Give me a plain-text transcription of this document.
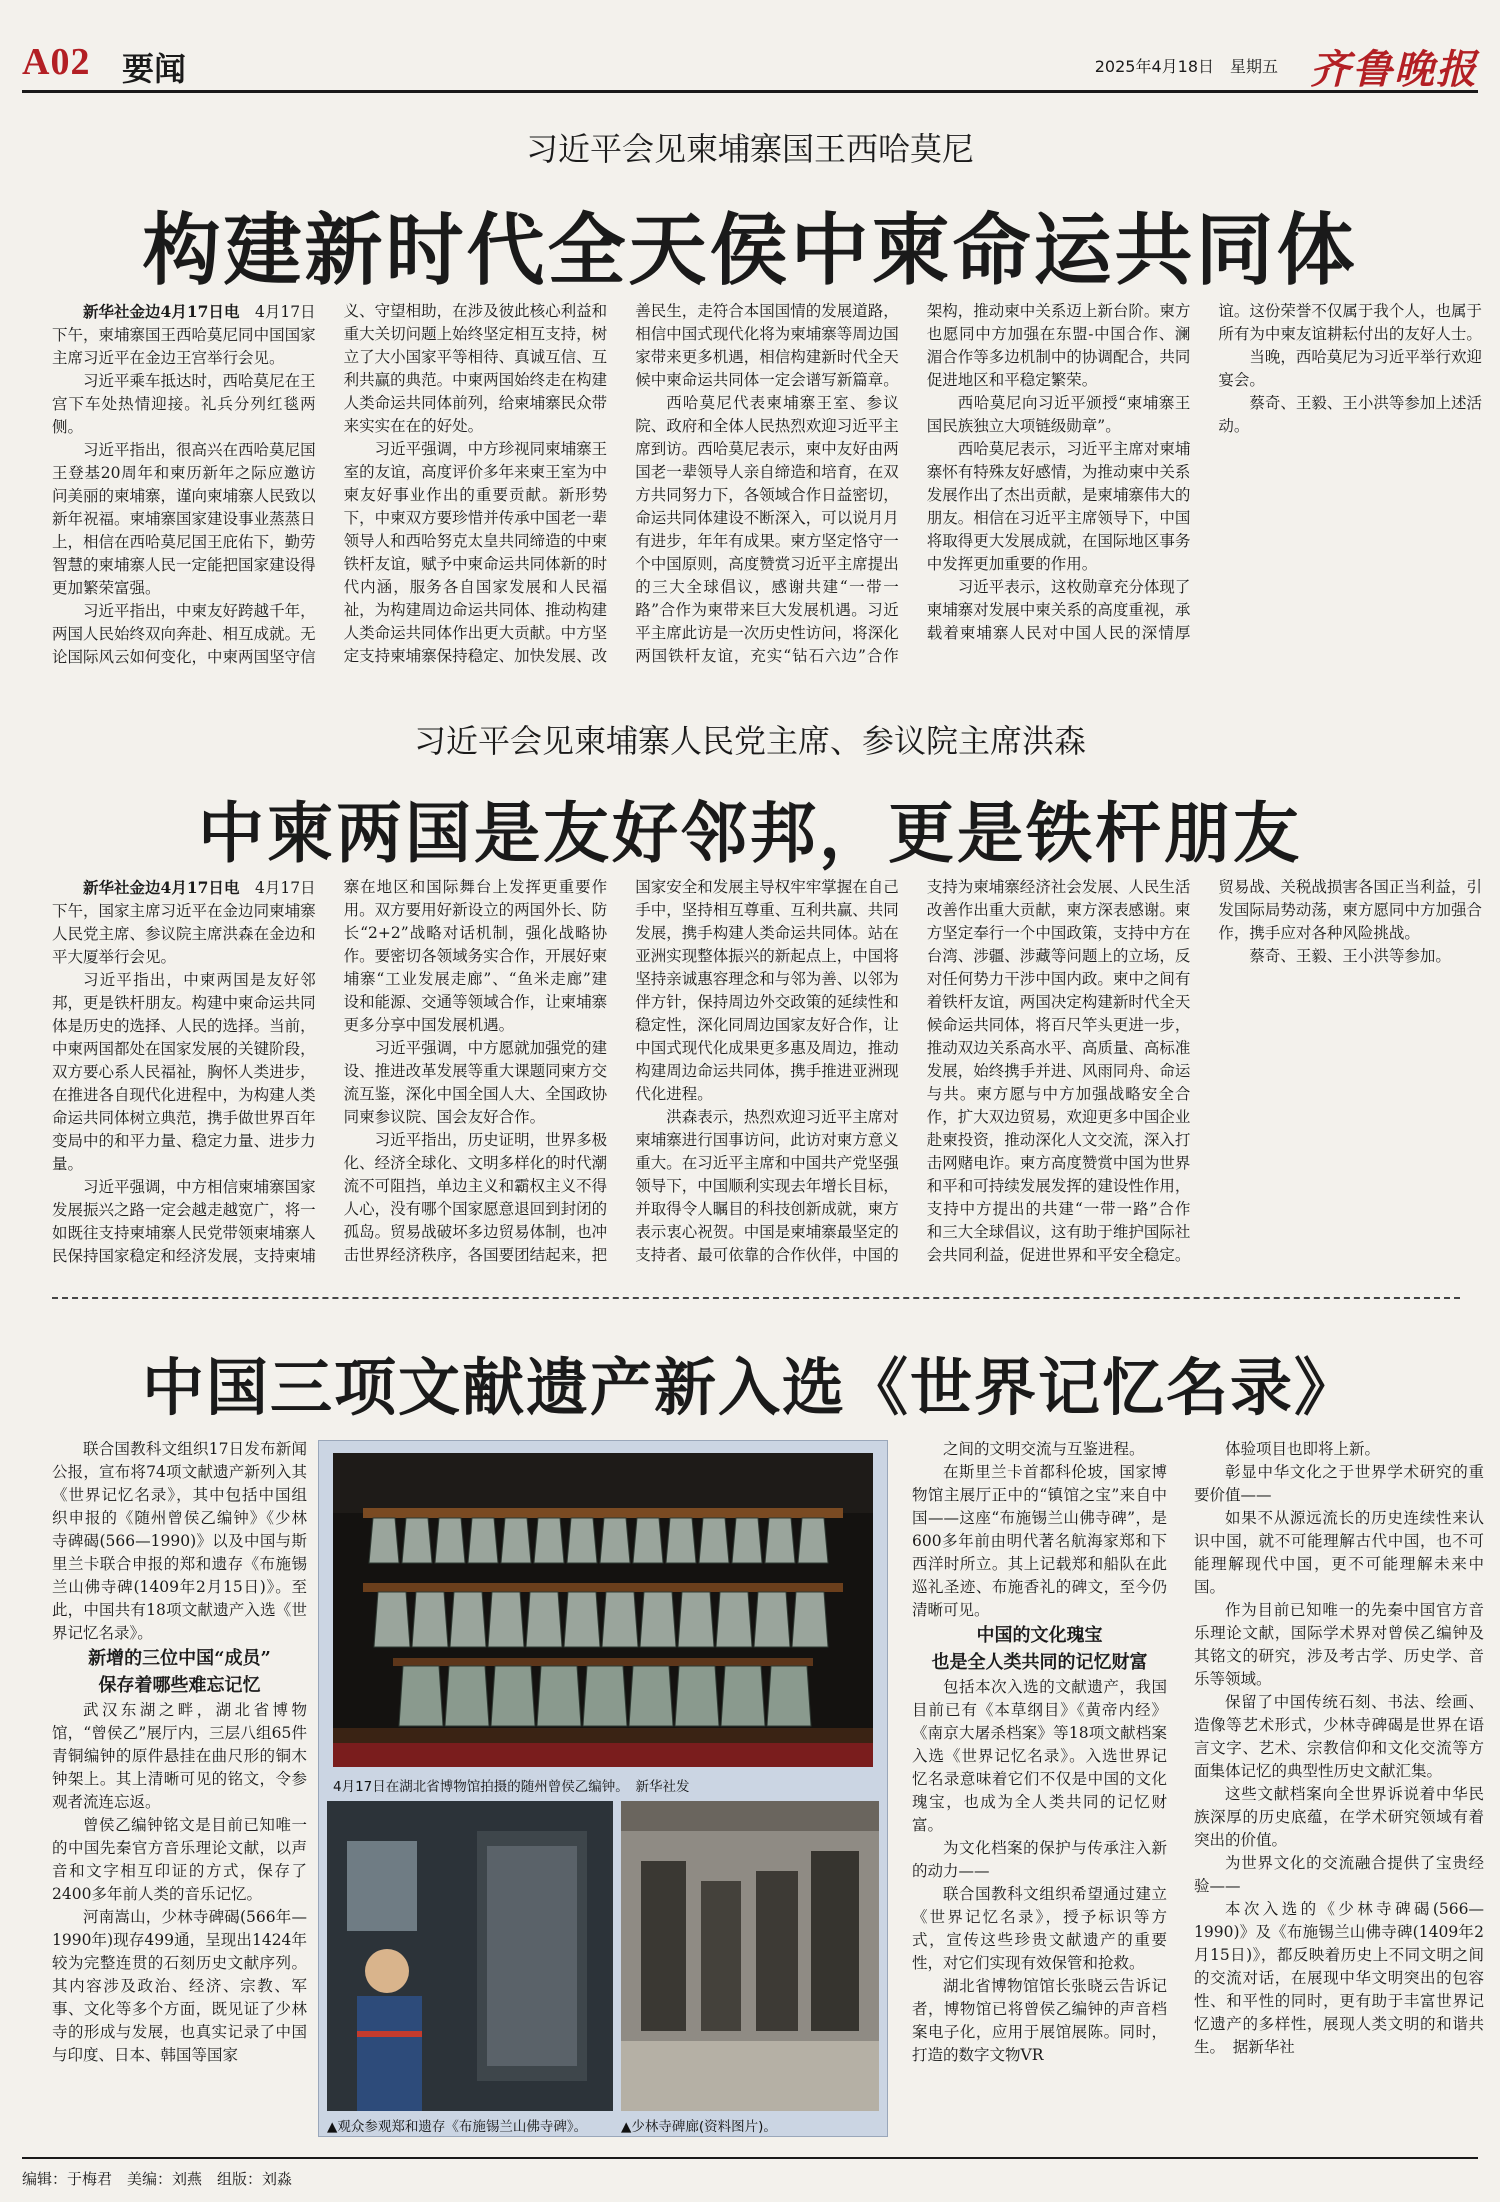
A02 要闻	2025年4月18日　星期五 齐鲁晚报
习近平会见柬埔寨国王西哈莫尼
构建新时代全天侯中柬命运共同体

新华社金边4月17日电　4月17日下午，柬埔寨国王西哈莫尼同中国国家主席习近平在金边王宫举行会见。

习近平乘车抵达时，西哈莫尼在王宫下车处热情迎接。礼兵分列红毯两侧。

习近平指出，很高兴在西哈莫尼国王登基20周年和柬历新年之际应邀访问美丽的柬埔寨，谨向柬埔寨人民致以新年祝福。柬埔寨国家建设事业蒸蒸日上，相信在西哈莫尼国王庇佑下，勤劳智慧的柬埔寨人民一定能把国家建设得更加繁荣富强。

习近平指出，中柬友好跨越千年，两国人民始终双向奔赴、相互成就。无论国际风云如何变化，中柬两国坚守信义、守望相助，在涉及彼此核心利益和重大关切问题上始终坚定相互支持，树立了大小国家平等相待、真诚互信、互利共赢的典范。中柬两国始终走在构建人类命运共同体前列，给柬埔寨民众带来实实在在的好处。

习近平强调，中方珍视同柬埔寨王室的友谊，高度评价多年来柬王室为中柬友好事业作出的重要贡献。新形势下，中柬双方要珍惜并传承中国老一辈领导人和西哈努克太皇共同缔造的中柬铁杆友谊，赋予中柬命运共同体新的时代内涵，服务各自国家发展和人民福祉，为构建周边命运共同体、推动构建人类命运共同体作出更大贡献。中方坚定支持柬埔寨保持稳定、加快发展、改善民生，走符合本国国情的发展道路，相信中国式现代化将为柬埔寨等周边国家带来更多机遇，相信构建新时代全天候中柬命运共同体一定会谱写新篇章。

西哈莫尼代表柬埔寨王室、参议院、政府和全体人民热烈欢迎习近平主席到访。西哈莫尼表示，柬中友好由两国老一辈领导人亲自缔造和培育，在双方共同努力下，各领域合作日益密切，命运共同体建设不断深入，可以说月月有进步，年年有成果。柬方坚定恪守一个中国原则，高度赞赏习近平主席提出的三大全球倡议，感谢共建“一带一路”合作为柬带来巨大发展机遇。习近平主席此访是一次历史性访问，将深化两国铁杆友谊，充实“钻石六边”合作架构，推动柬中关系迈上新台阶。柬方也愿同中方加强在东盟-中国合作、澜湄合作等多边机制中的协调配合，共同促进地区和平稳定繁荣。

西哈莫尼向习近平颁授“柬埔寨王国民族独立大项链级勋章”。

西哈莫尼表示，习近平主席对柬埔寨怀有特殊友好感情，为推动柬中关系发展作出了杰出贡献，是柬埔寨伟大的朋友。相信在习近平主席领导下，中国将取得更大发展成就，在国际地区事务中发挥更加重要的作用。

习近平表示，这枚勋章充分体现了柬埔寨对发展中柬关系的高度重视，承载着柬埔寨人民对中国人民的深情厚谊。这份荣誉不仅属于我个人，也属于所有为中柬友谊耕耘付出的友好人士。

当晚，西哈莫尼为习近平举行欢迎宴会。

蔡奇、王毅、王小洪等参加上述活动。

习近平会见柬埔寨人民党主席、参议院主席洪森
中柬两国是友好邻邦，更是铁杆朋友

新华社金边4月17日电　4月17日下午，国家主席习近平在金边同柬埔寨人民党主席、参议院主席洪森在金边和平大厦举行会见。

习近平指出，中柬两国是友好邻邦，更是铁杆朋友。构建中柬命运共同体是历史的选择、人民的选择。当前，中柬两国都处在国家发展的关键阶段，双方要心系人民福祉，胸怀人类进步，在推进各自现代化进程中，为构建人类命运共同体树立典范，携手做世界百年变局中的和平力量、稳定力量、进步力量。

习近平强调，中方相信柬埔寨国家发展振兴之路一定会越走越宽广，将一如既往支持柬埔寨人民党带领柬埔寨人民保持国家稳定和经济发展，支持柬埔寨在地区和国际舞台上发挥更重要作用。双方要用好新设立的两国外长、防长“2+2”战略对话机制，强化战略协作。要密切各领域务实合作，开展好柬埔寨“工业发展走廊”、“鱼米走廊”建设和能源、交通等领域合作，让柬埔寨更多分享中国发展机遇。

习近平强调，中方愿就加强党的建设、推进改革发展等重大课题同柬方交流互鉴，深化中国全国人大、全国政协同柬参议院、国会友好合作。

习近平指出，历史证明，世界多极化、经济全球化、文明多样化的时代潮流不可阻挡，单边主义和霸权主义不得人心，没有哪个国家愿意退回到封闭的孤岛。贸易战破坏多边贸易体制，也冲击世界经济秩序，各国要团结起来，把国家安全和发展主导权牢牢掌握在自己手中，坚持相互尊重、互利共赢、共同发展，携手构建人类命运共同体。站在亚洲实现整体振兴的新起点上，中国将坚持亲诚惠容理念和与邻为善、以邻为伴方针，保持周边外交政策的延续性和稳定性，深化同周边国家友好合作，让中国式现代化成果更多惠及周边，推动构建周边命运共同体，携手推进亚洲现代化进程。

洪森表示，热烈欢迎习近平主席对柬埔寨进行国事访问，此访对柬方意义重大。在习近平主席和中国共产党坚强领导下，中国顺利实现去年增长目标，并取得令人瞩目的科技创新成就，柬方表示衷心祝贺。中国是柬埔寨最坚定的支持者、最可依靠的合作伙伴，中国的支持为柬埔寨经济社会发展、人民生活改善作出重大贡献，柬方深表感谢。柬方坚定奉行一个中国政策，支持中方在台湾、涉疆、涉藏等问题上的立场，反对任何势力干涉中国内政。柬中之间有着铁杆友谊，两国决定构建新时代全天候命运共同体，将百尺竿头更进一步，推动双边关系高水平、高质量、高标准发展，始终携手并进、风雨同舟、命运与共。柬方愿与中方加强战略安全合作，扩大双边贸易，欢迎更多中国企业赴柬投资，推动深化人文交流，深入打击网赌电诈。柬方高度赞赏中国为世界和平和可持续发展发挥的建设性作用，支持中方提出的共建“一带一路”合作和三大全球倡议，这有助于维护国际社会共同利益，促进世界和平安全稳定。贸易战、关税战损害各国正当利益，引发国际局势动荡，柬方愿同中方加强合作，携手应对各种风险挑战。

蔡奇、王毅、王小洪等参加。

中国三项文献遗产新入选《世界记忆名录》

联合国教科文组织17日发布新闻公报，宣布将74项文献遗产新列入其《世界记忆名录》，其中包括中国组织申报的《随州曾侯乙编钟》《少林寺碑碣(566—1990)》以及中国与斯里兰卡联合申报的郑和遗存《布施锡兰山佛寺碑(1409年2月15日)》。至此，中国共有18项文献遗产入选《世界记忆名录》。

新增的三位中国“成员”
保存着哪些难忘记忆

武汉东湖之畔，湖北省博物馆，“曾侯乙”展厅内，三层八组65件青铜编钟的原件悬挂在曲尺形的铜木钟架上。其上清晰可见的铭文，令参观者流连忘返。

曾侯乙编钟铭文是目前已知唯一的中国先秦官方音乐理论文献，以声音和文字相互印证的方式，保存了2400多年前人类的音乐记忆。

河南嵩山，少林寺碑碣(566年—1990年)现存499通，呈现出1424年较为完整连贯的石刻历史文献序列。其内容涉及政治、经济、宗教、军事、文化等多个方面，既见证了少林寺的形成与发展，也真实记录了中国与印度、日本、韩国等国家

4月17日在湖北省博物馆拍摄的随州曾侯乙编钟。　新华社发
▲观众参观郑和遗存《布施锡兰山佛寺碑》。	▲少林寺碑廊(资料图片)。

之间的文明交流与互鉴进程。

在斯里兰卡首都科伦坡，国家博物馆主展厅正中的“镇馆之宝”来自中国——这座“布施锡兰山佛寺碑”，是600多年前由明代著名航海家郑和下西洋时所立。其上记载郑和船队在此巡礼圣迹、布施香礼的碑文，至今仍清晰可见。

中国的文化瑰宝
也是全人类共同的记忆财富

包括本次入选的文献遗产，我国目前已有《本草纲目》《黄帝内经》《南京大屠杀档案》等18项文献档案入选《世界记忆名录》。入选世界记忆名录意味着它们不仅是中国的文化瑰宝，也成为全人类共同的记忆财富。

为文化档案的保护与传承注入新的动力——

联合国教科文组织希望通过建立《世界记忆名录》，授予标识等方式，宣传这些珍贵文献遗产的重要性，对它们实现有效保管和抢救。

湖北省博物馆馆长张晓云告诉记者，博物馆已将曾侯乙编钟的声音档案电子化，应用于展馆展陈。同时，打造的数字文物VR

体验项目也即将上新。

彰显中华文化之于世界学术研究的重要价值——

如果不从源远流长的历史连续性来认识中国，就不可能理解古代中国，也不可能理解现代中国，更不可能理解未来中国。

作为目前已知唯一的先秦中国官方音乐理论文献，国际学术界对曾侯乙编钟及其铭文的研究，涉及考古学、历史学、音乐等领域。

保留了中国传统石刻、书法、绘画、造像等艺术形式，少林寺碑碣是世界在语言文字、艺术、宗教信仰和文化交流等方面集体记忆的典型性历史文献汇集。

这些文献档案向全世界诉说着中华民族深厚的历史底蕴，在学术研究领域有着突出的价值。

为世界文化的交流融合提供了宝贵经验——

本次入选的《少林寺碑碣(566—1990)》及《布施锡兰山佛寺碑(1409年2月15日)》，都反映着历史上不同文明之间的交流对话，在展现中华文明突出的包容性、和平性的同时，更有助于丰富世界记忆遗产的多样性，展现人类文明的和谐共生。　据新华社

编辑：于梅君　美编：刘燕　组版：刘淼
